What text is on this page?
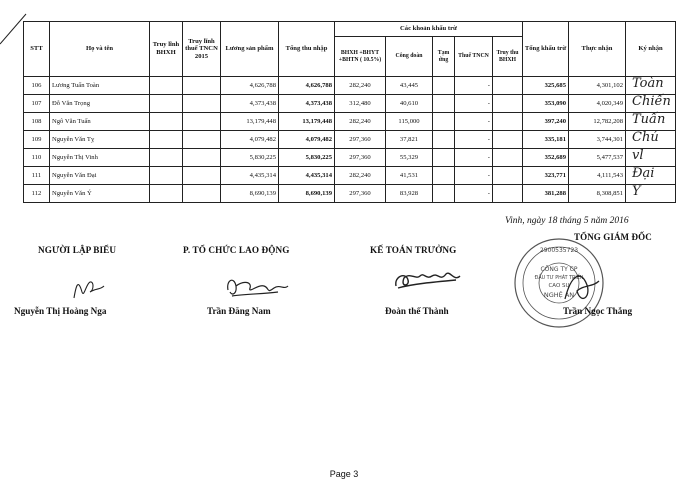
STT	Họ và tên	Truy lĩnh BHXH	Truy lĩnh thuế TNCN 2015	Lương sản phẩm	Tổng thu nhập	Các khoản khấu trừ					Tổng khấu trừ	Thực nhận	Ký nhận
						BHXH +BHYT +BHTN ( 10.5%)	Công đoàn	Tạm ứng	Thuế TNCN	Truy thu BHXH			
106	Lương Tuấn Toàn			4,626,788	4,626,788	282,240	43,445		-		325,685	4,301,102	Toàn

107	Đỗ Văn Trọng			4,373,438	4,373,438	312,480	40,610		-		353,090	4,020,349	Chiến

108	Ngô Văn Tuấn			13,179,448	13,179,448	282,240	115,000		-		397,240	12,782,208	Tuấn

109	Nguyễn Văn Tỵ			4,079,482	4,079,482	297,360	37,821		-		335,181	3,744,301	Chú

110	Nguyễn Thị Vinh			5,830,225	5,830,225	297,360	55,329		-		352,689	5,477,537	vl

111	Nguyễn Văn Đại			4,435,314	4,435,314	282,240	41,531		-		323,771	4,111,543	Đại

112	Nguyễn Văn Ý			8,690,139	8,690,139	297,360	83,928		-		381,288	8,308,851	Y
Vinh, ngày 18 tháng 5 năm 2016
NGƯỜI LẬP BIỂU	P. TỔ CHỨC LAO ĐỘNG	KẾ TOÁN TRƯỞNG
TỔNG GIÁM ĐỐC
2900535723
CÔNG TY CP
ĐẦU TƯ PHÁT TRIỂN
CAO SU
NGHỆ AN
Nguyễn Thị Hoàng Nga	Trần Đăng Nam	Đoàn thế Thành	Trần Ngọc Thắng
Page 3
